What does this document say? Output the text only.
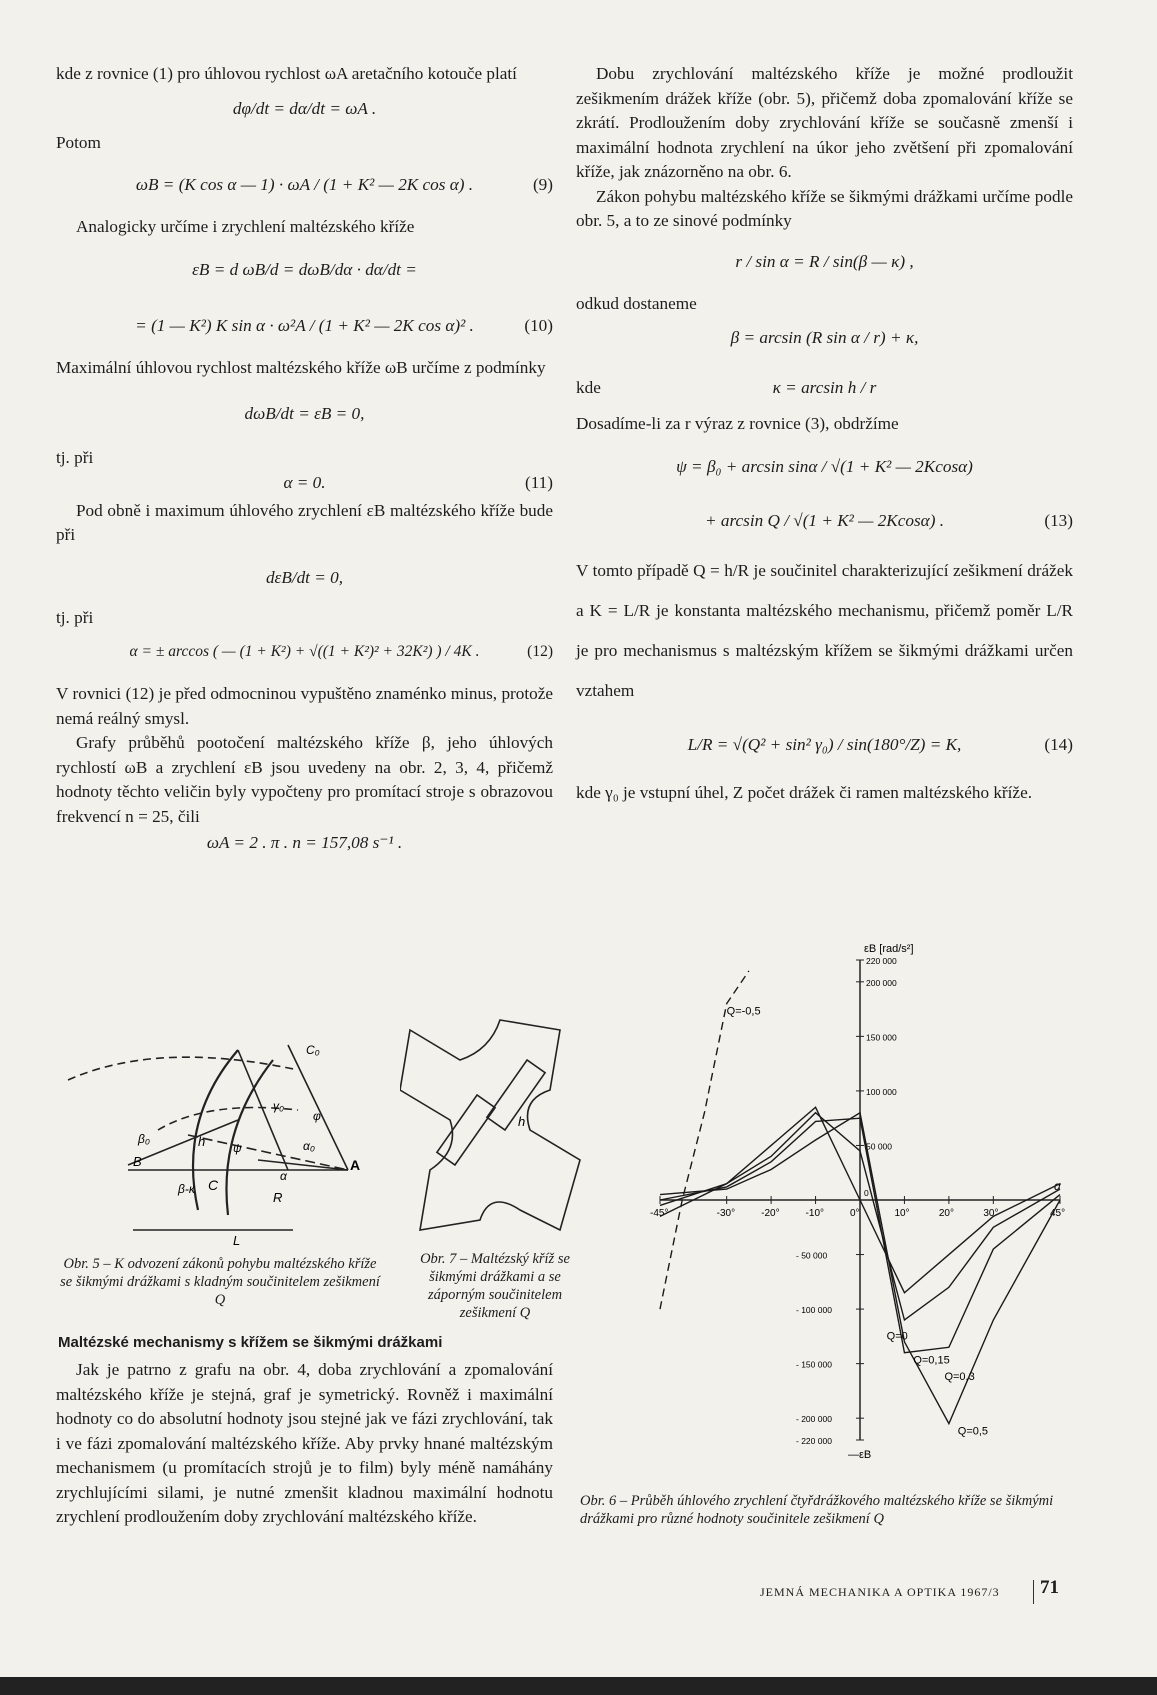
kde z rovnice (1) pro úhlovou rychlost ωA aretačního kotouče platí

dφ/dt = dα/dt = ωA .

Potom

ωB = (K cos α — 1) · ωA / (1 + K² — 2K cos α) .	(9)

Analogicky určíme i zrychlení maltézského kříže

εB = d ωB/d = dωB/dα · dα/dt =
= (1 — K²) K sin α · ω²A / (1 + K² — 2K cos α)² .	(10)

Maximální úhlovou rychlost maltézského kříže ωB určíme z podmínky

dωB/dt = εB = 0,

tj. při

α = 0.	(11)

Pod obně i maximum úhlového zrychlení εB maltézského kříže bude při

dεB/dt = 0,

tj. při

α = ± arccos ( — (1 + K²) + √((1 + K²)² + 32K²) ) / 4K .	(12)

V rovnici (12) je před odmocninou vypuštěno znaménko minus, protože nemá reálný smysl.

Grafy průběhů pootočení maltézského kříže β, jeho úhlových rychlostí ωB a zrychlení εB jsou uvedeny na obr. 2, 3, 4, přičemž hodnoty těchto veličin byly vypočteny pro promítací stroje s obrazovou frekvencí n = 25, čili

ωA = 2 . π . n = 157,08 s⁻¹ .
B	A
C
R
L
β₀	h
β-κ
α
α₀
γ₀
ψ
φ
C₀
h

Obr. 5 – K odvození zákonů pohybu maltézského kříže se šikmými drážkami s kladným součinitelem zešikmení Q

Obr. 7 – Maltézský kříž se šikmými drážkami a se záporným součinitelem zešikmení Q

Maltézské mechanismy s křížem se šikmými drážkami

Jak je patrno z grafu na obr. 4, doba zrychlování a zpomalování maltézského kříže je stejná, graf je symetrický. Rovněž i maximální hodnoty co do absolutní hodnoty jsou stejné jak ve fázi zrychlování, tak i ve fázi zpomalování maltézského kříže. Aby prvky hnané maltézským mechanismem (u promítacích strojů je to film) byly méně namáhány zrychlujícími silami, je nutné zmenšit kladnou maximální hodnotu zrychlení prodloužením doby zrychlování maltézského kříže.

Dobu zrychlování maltézského kříže je možné prodloužit zešikmením drážek kříže (obr. 5), přičemž doba zpomalování kříže se zkrátí. Prodloužením doby zrychlování kříže se současně zmenší i maximální hodnota zrychlení na úkor jeho zvětšení při zpomalování kříže, jak znázorněno na obr. 6.

Zákon pohybu maltézského kříže se šikmými drážkami určíme podle obr. 5, a to ze sinové podmínky

r / sin α = R / sin(β — κ) ,

odkud dostaneme

β = arcsin (R sin α / r) + κ,
kde	κ = arcsin h / r

Dosadíme-li za r výraz z rovnice (3), obdržíme

ψ = β₀ + arcsin sinα / √(1 + K² — 2Kcosα)
+ arcsin Q / √(1 + K² — 2Kcosα) .	(13)

V tomto případě Q = h/R je součinitel charakterizující zešikmení drážek a K = L/R je konstanta maltézského mechanismu, přičemž poměr L/R je pro mechanismus s maltézským křížem se šikmými drážkami určen vztahem

L/R = √(Q² + sin² γ₀) / sin(180°/Z) = K,	(14)

kde γ₀ je vstupní úhel, Z počet drážek či ramen maltézského kříže.

-45°	-30°	-20°	-10°	0°	10°	20°	30°	45°
220 000
200 000
150 000
100 000
50 000
0
- 50 000
- 100 000
- 150 000
- 200 000
- 220 000
εB [rad/s²]
—εB
α
Q=-0,5
Q=0
Q=0,15
Q=0,3
Q=0,5

Obr. 6 – Průběh úhlového zrychlení čtyřdrážkového maltézského kříže se šikmými drážkami pro různé hodnoty součinitele zešikmení Q

JEMNÁ MECHANIKA A OPTIKA 1967/3 71
